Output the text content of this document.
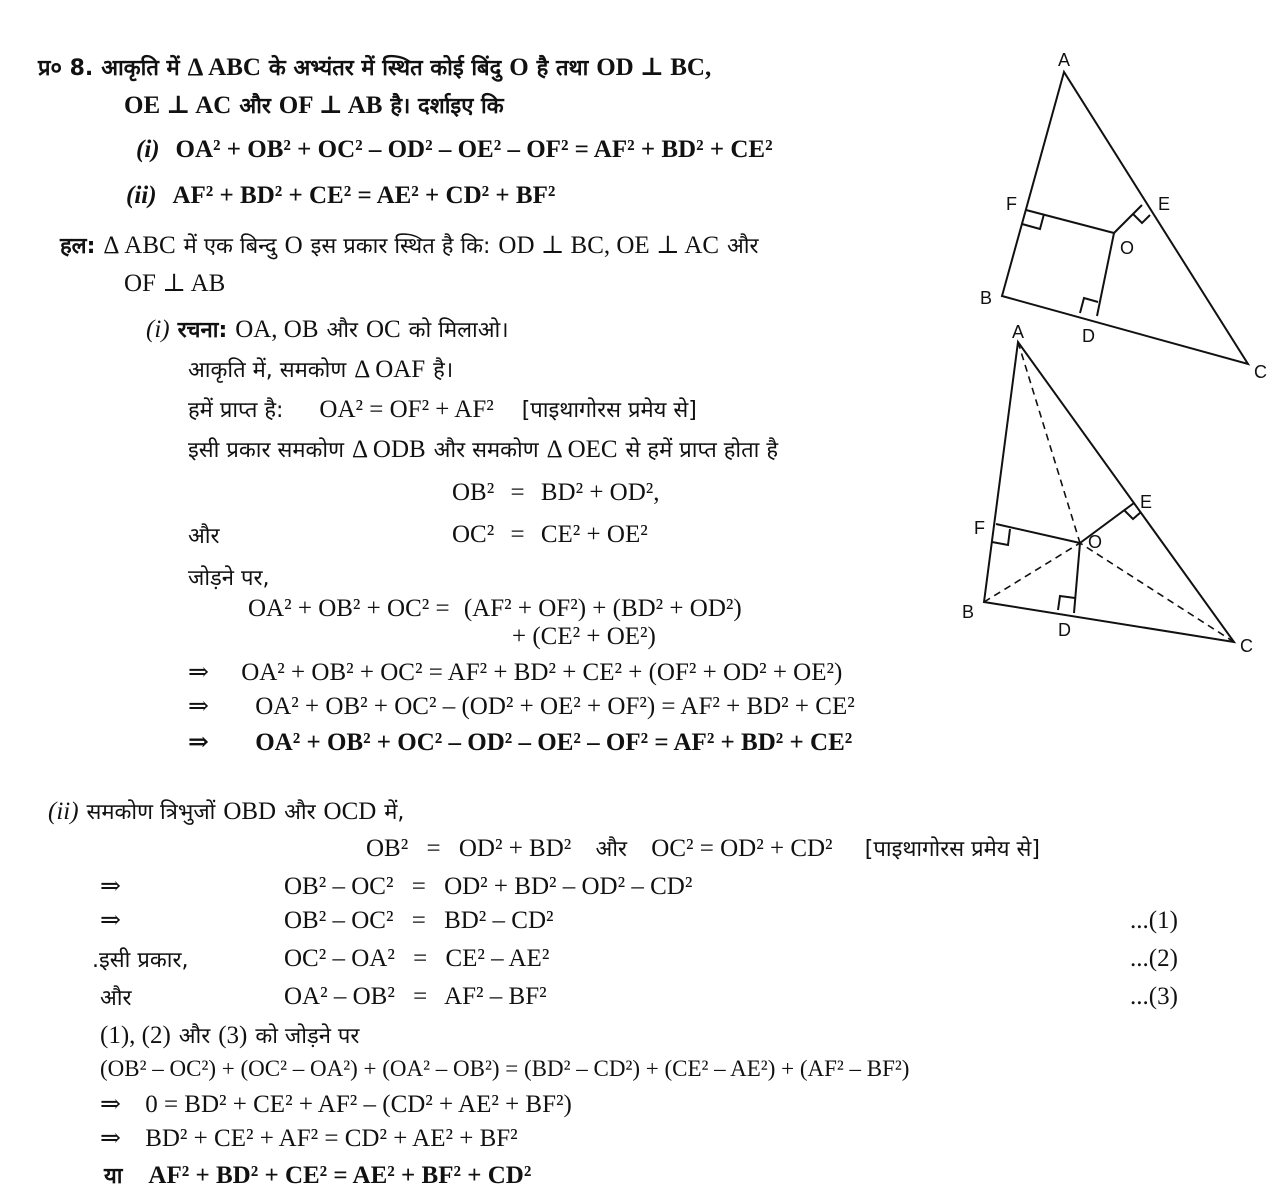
प्र० 8. आकृति में Δ ABC के अभ्यंतर में स्थित कोई बिंदु O है तथा OD ⊥ BC,
OE ⊥ AC और OF ⊥ AB है। दर्शाइए कि
(i) OA² + OB² + OC² – OD² – OE² – OF² = AF² + BD² + CE²
(ii) AF² + BD² + CE² = AE² + CD² + BF²
हल: Δ ABC में एक बिन्दु O इस प्रकार स्थित है कि: OD ⊥ BC, OE ⊥ AC और
OF ⊥ AB
(i) रचना: OA, OB और OC को मिलाओ।
आकृति में, समकोण Δ OAF है।
हमें प्राप्त है: OA² = OF² + AF² [पाइथागोरस प्रमेय से]
इसी प्रकार समकोण Δ ODB और समकोण Δ OEC से हमें प्राप्त होता है
OB² = BD² + OD²,
और	OC² = CE² + OE²
जोड़ने पर,
OA² + OB² + OC² = (AF² + OF²) + (BD² + OD²)
+ (CE² + OE²)
⇒ OA² + OB² + OC² = AF² + BD² + CE² + (OF² + OD² + OE²)
⇒ OA² + OB² + OC² – (OD² + OE² + OF²) = AF² + BD² + CE²
⇒ OA² + OB² + OC² – OD² – OE² – OF² = AF² + BD² + CE²
(ii) समकोण त्रिभुजों OBD और OCD में,
OB² = OD² + BD² और OC² = OD² + CD² [पाइथागोरस प्रमेय से]
⇒	OB² – OC² = OD² + BD² – OD² – CD²
⇒	OB² – OC² = BD² – CD²	...(1)
.इसी प्रकार,	OC² – OA² = CE² – AE²	...(2)
और	OA² – OB² = AF² – BF²	...(3)
(1), (2) और (3) को जोड़ने पर
(OB² – OC²) + (OC² – OA²) + (OA² – OB²) = (BD² – CD²) + (CE² – AE²) + (AF² – BF²)
⇒ 0 = BD² + CE² + AF² – (CD² + AE² + BF²)
⇒ BD² + CE² + AF² = CD² + AE² + BF²
या AF² + BD² + CE² = AE² + BF² + CD²
A
B
C
D
E
F
O
A
B
C
D
E
F
O
